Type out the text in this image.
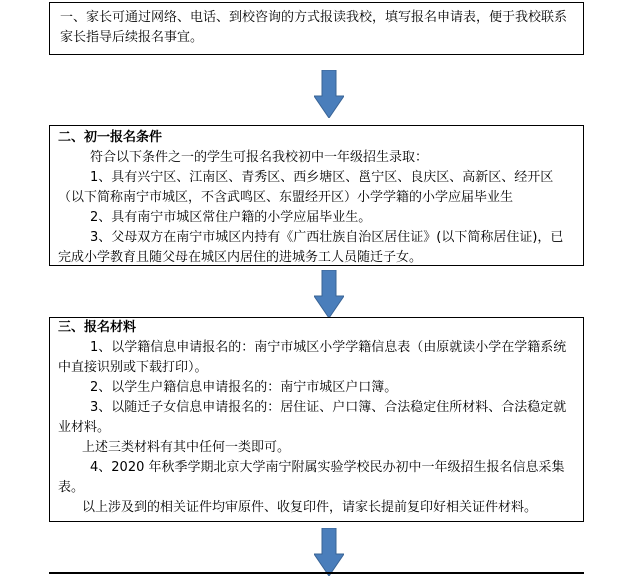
一、家长可通过网络、电话、到校咨询的方式报读我校，填写报名申请表，便于我校联系家长指导后续报名事宜。

二、初一报名条件

符合以下条件之一的学生可报名我校初中一年级招生录取：

1、具有兴宁区、江南区、青秀区、西乡塘区、邕宁区、良庆区、高新区、经开区（以下简称南宁市城区，不含武鸣区、东盟经开区）小学学籍的小学应届毕业生

2、具有南宁市城区常住户籍的小学应届毕业生。

3、父母双方在南宁市城区内持有《广西壮族自治区居住证》(以下简称居住证)，已完成小学教育且随父母在城区内居住的进城务工人员随迁子女。

三、报名材料

1、以学籍信息申请报名的：南宁市城区小学学籍信息表（由原就读小学在学籍系统中直接识别或下载打印）。

2、以学生户籍信息申请报名的：南宁市城区户口簿。

3、以随迁子女信息申请报名的：居住证、户口簿、合法稳定住所材料、合法稳定就业材料。

上述三类材料有其中任何一类即可。

4、2020 年秋季学期北京大学南宁附属实验学校民办初中一年级招生报名信息采集表。

以上涉及到的相关证件均审原件、收复印件，请家长提前复印好相关证件材料。
